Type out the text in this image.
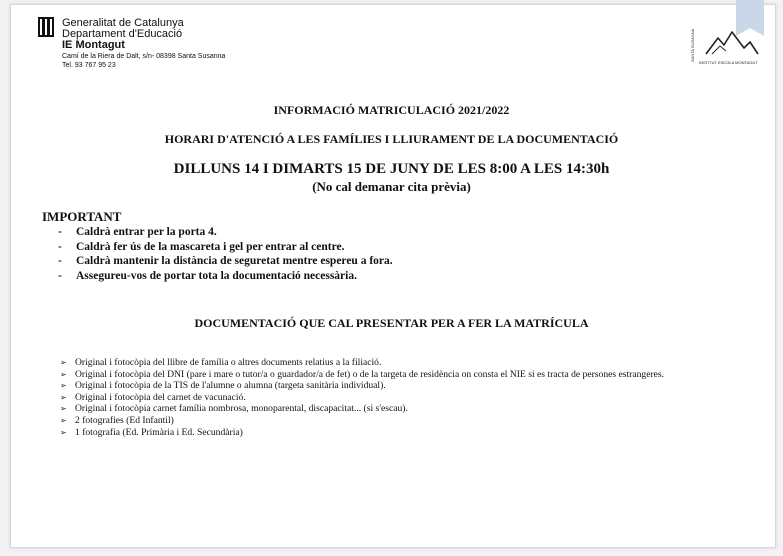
Generalitat de Catalunya
Departament d'Educació
IE Montagut
Camí de la Riera de Dalt, s/n- 08398 Santa Susanna
Tel. 93 767 95 23
SANTA SUSANNA
INSTITUT ESCOLA MONTAGUT
INFORMACIÓ MATRICULACIÓ 2021/2022
HORARI D'ATENCIÓ A LES FAMÍLIES I LLIURAMENT DE LA DOCUMENTACIÓ
DILLUNS 14 I DIMARTS 15 DE JUNY DE LES 8:00 A LES 14:30h
(No cal demanar cita prèvia)
IMPORTANT
- Caldrà entrar per la porta 4.
- Caldrà fer ús de la mascareta i gel per entrar al centre.
- Caldrà mantenir la distància de seguretat mentre espereu a fora.
- Assegureu-vos de portar tota la documentació necessària.
DOCUMENTACIÓ QUE CAL PRESENTAR PER A FER LA MATRÍCULA
➢ Original i fotocòpia del llibre de família o altres documents relatius a la filiació.
➢ Original i fotocòpia del DNI (pare i mare o tutor/a o guardador/a de fet) o de la targeta de residència on consta el NIE si es tracta de persones estrangeres.
➢ Original i fotocòpia de la TIS de l'alumne o alumna (targeta sanitària individual).
➢ Original i fotocòpia del carnet de vacunació.
➢ Original i fotocòpia carnet família nombrosa, monoparental, discapacitat... (si s'escau).
➢ 2 fotografies (Ed Infantil)
➢ 1 fotografia (Ed. Primària i Ed. Secundària)
